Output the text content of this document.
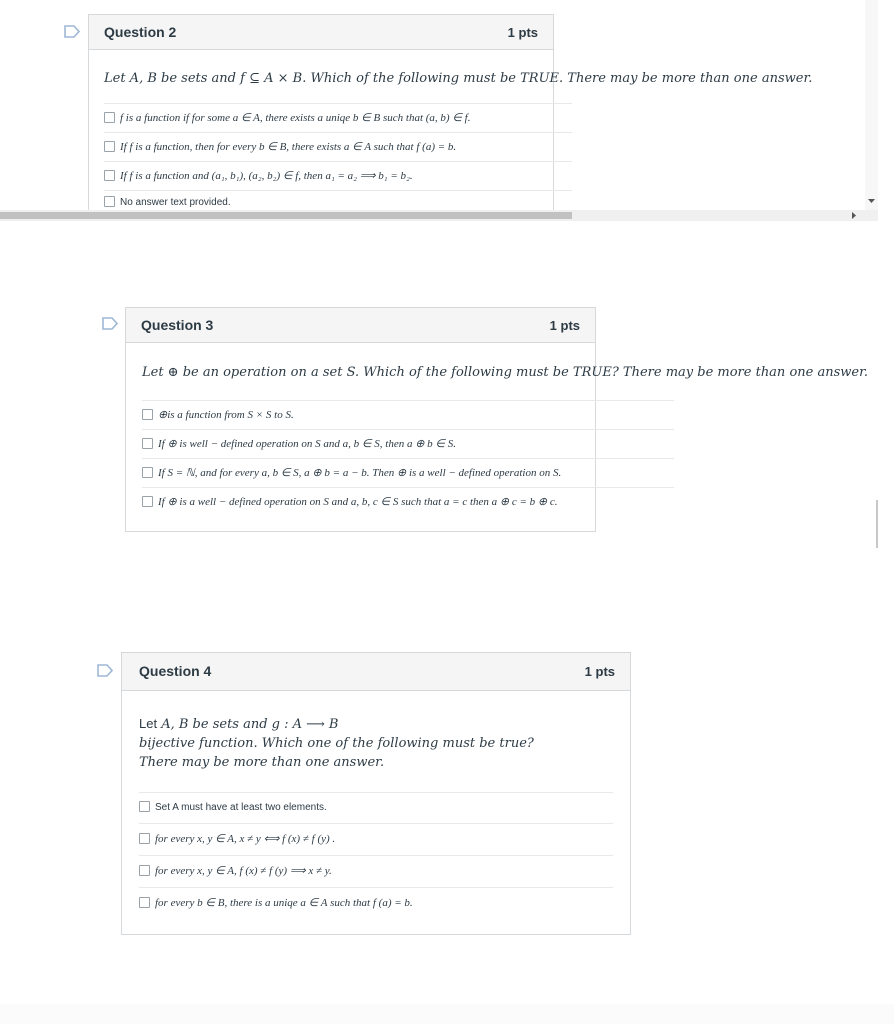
Question 2	1 pts
Let A, B be sets and f ⊆ A × B. Which of the following must be TRUE. There may be more than one answer.
f is a function if for some a ∈ A, there exists a uniqe b ∈ B such that (a, b) ∈ f.
If f is a function, then for every b ∈ B, there exists a ∈ A such that f (a) = b.
If f is a function and (a₁, b₁), (a₂, b₂) ∈ f, then a₁ = a₂ ⟹ b₁ = b₂.
No answer text provided.
Question 3	1 pts
Let ⊕ be an operation on a set S. Which of the following must be TRUE? There may be more than one answer.
⊕is a function from S × S to S.
If ⊕ is well − defined operation on S and a, b ∈ S, then a ⊕ b ∈ S.
If S = ℕ, and for every a, b ∈ S, a ⊕ b = a − b. Then ⊕ is a well − defined operation on S.
If ⊕ is a well − defined operation on S and a, b, c ∈ S such that a = c then a ⊕ c = b ⊕ c.
Question 4	1 pts
Let A, B be sets and g : A ⟶ B
bijective function. Which one of the following must be true?
There may be more than one answer.
Set A must have at least two elements.
for every x, y ∈ A, x ≠ y ⟺ f (x) ≠ f (y) .
for every x, y ∈ A, f (x) ≠ f (y) ⟹ x ≠ y.
for every b ∈ B, there is a uniqe a ∈ A such that f (a) = b.
